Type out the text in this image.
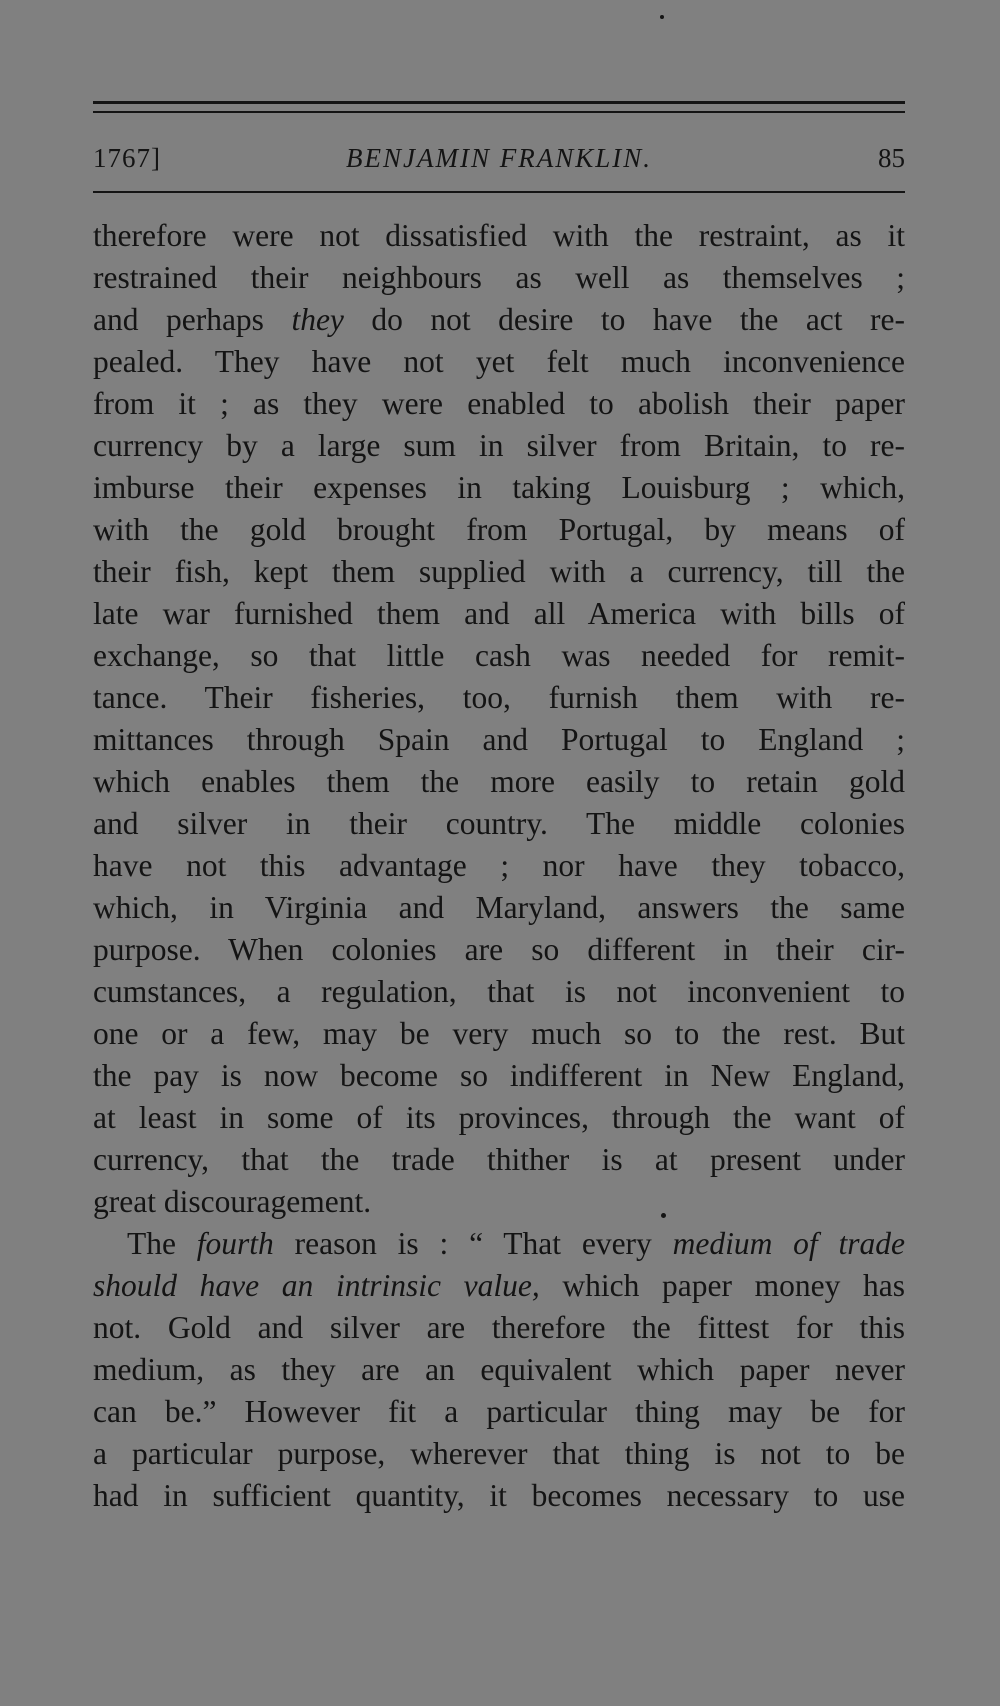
1767]	BENJAMIN FRANKLIN.	85
therefore were not dissatisfied with the restraint, as it
restrained their neighbours as well as themselves ;
and perhaps they do not desire to have the act re-
pealed. They have not yet felt much inconvenience
from it ; as they were enabled to abolish their paper
currency by a large sum in silver from Britain, to re-
imburse their expenses in taking Louisburg ; which,
with the gold brought from Portugal, by means of
their fish, kept them supplied with a currency, till the
late war furnished them and all America with bills of
exchange, so that little cash was needed for remit-
tance. Their fisheries, too, furnish them with re-
mittances through Spain and Portugal to England ;
which enables them the more easily to retain gold
and silver in their country. The middle colonies
have not this advantage ; nor have they tobacco,
which, in Virginia and Maryland, answers the same
purpose. When colonies are so different in their cir-
cumstances, a regulation, that is not inconvenient to
one or a few, may be very much so to the rest. But
the pay is now become so indifferent in New England,
at least in some of its provinces, through the want of
currency, that the trade thither is at present under
great discouragement.
The fourth reason is : “ That every medium of trade
should have an intrinsic value, which paper money has
not. Gold and silver are therefore the fittest for this
medium, as they are an equivalent which paper never
can be.” However fit a particular thing may be for
a particular purpose, wherever that thing is not to be
had in sufficient quantity, it becomes necessary to use
